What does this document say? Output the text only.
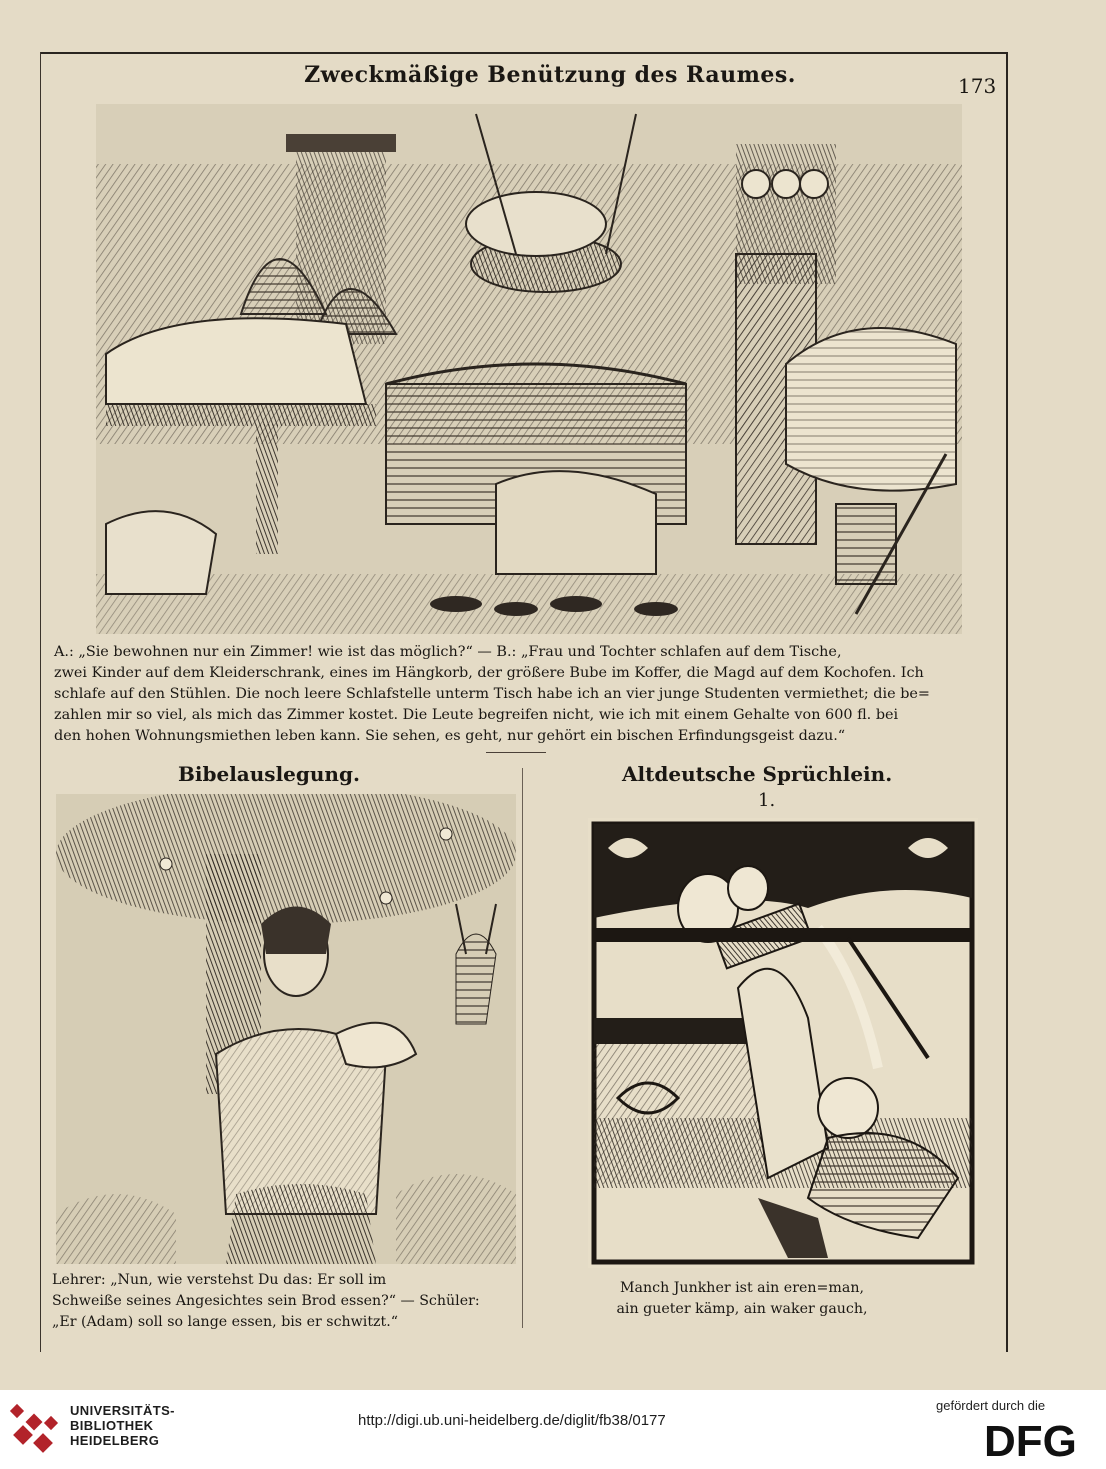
Zweckmäßige Benützung des Raumes.	173
A.: „Sie bewohnen nur ein Zimmer! wie ist das möglich?“ — B.: „Frau und Tochter schlafen auf dem Tische,
zwei Kinder auf dem Kleiderschrank, eines im Hängkorb, der größere Bube im Koffer, die Magd auf dem Kochofen. Ich
schlafe auf den Stühlen. Die noch leere Schlafstelle unterm Tisch habe ich an vier junge Studenten vermiethet; die be=
zahlen mir so viel, als mich das Zimmer kostet. Die Leute begreifen nicht, wie ich mit einem Gehalte von 600 fl. bei
den hohen Wohnungsmiethen leben kann. Sie sehen, es geht, nur gehört ein bischen Erfindungsgeist dazu.“
Bibelauslegung.	Altdeutsche Sprüchlein.
1.
Lehrer: „Nun, wie verstehst Du das: Er soll im
Schweiße seines Angesichtes sein Brod essen?“ — Schüler:
„Er (Adam) soll so lange essen, bis er schwitzt.“
Manch Junkher ist ain eren=man,
ain gueter kämp, ain waker gauch,
UNIVERSITÄTS-
BIBLIOTHEK
HEIDELBERG
http://digi.ub.uni-heidelberg.de/diglit/fb38/0177
gefördert durch die
DFG
